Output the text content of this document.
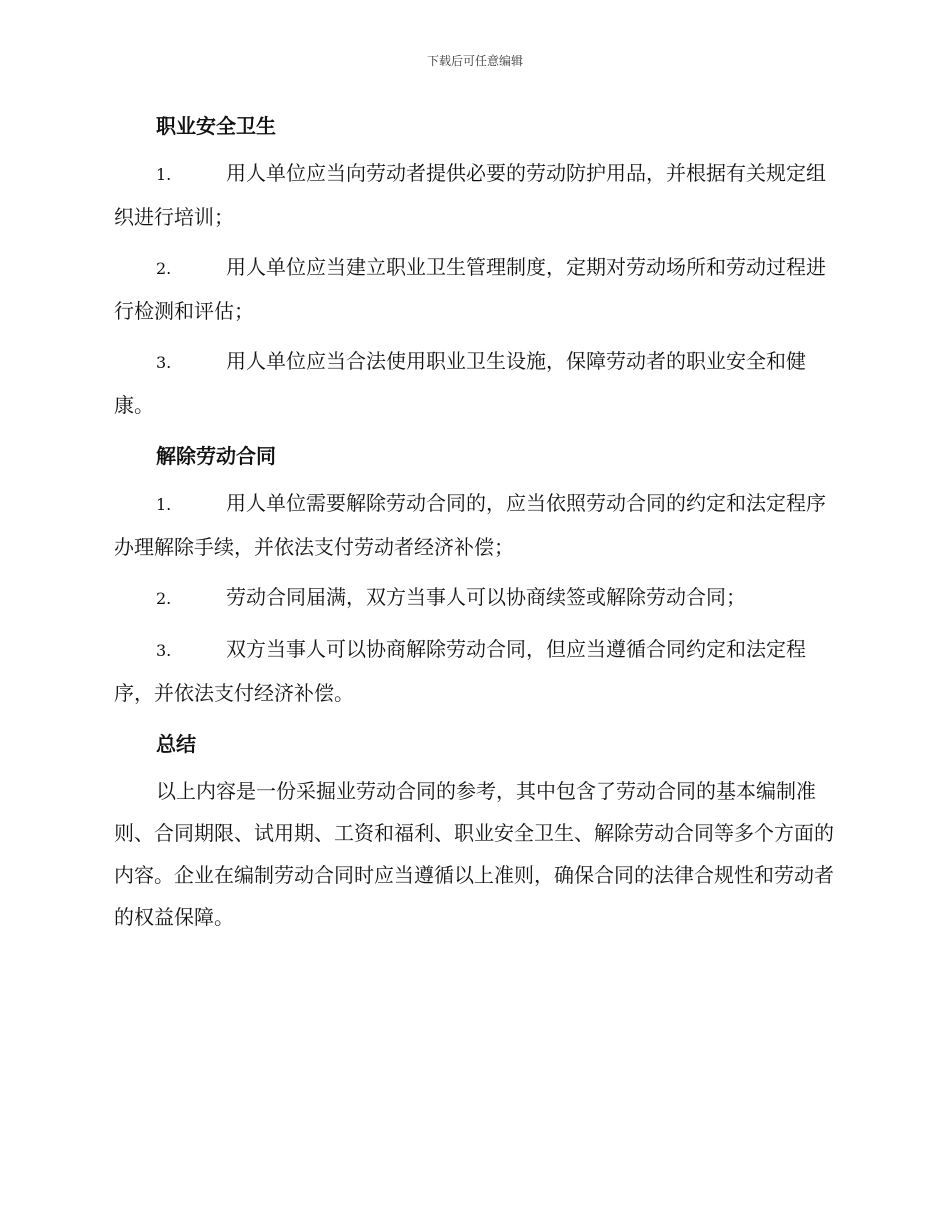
下载后可任意编辑
职业安全卫生
1.	用人单位应当向劳动者提供必要的劳动防护用品，并根据有关规定组织进行培训；
2.	用人单位应当建立职业卫生管理制度，定期对劳动场所和劳动过程进行检测和评估；
3.	用人单位应当合法使用职业卫生设施，保障劳动者的职业安全和健康。
解除劳动合同
1.	用人单位需要解除劳动合同的，应当依照劳动合同的约定和法定程序办理解除手续，并依法支付劳动者经济补偿；
2.	劳动合同届满，双方当事人可以协商续签或解除劳动合同；
3.	双方当事人可以协商解除劳动合同，但应当遵循合同约定和法定程序，并依法支付经济补偿。
总结
以上内容是一份采掘业劳动合同的参考，其中包含了劳动合同的基本编制准则、合同期限、试用期、工资和福利、职业安全卫生、解除劳动合同等多个方面的内容。企业在编制劳动合同时应当遵循以上准则，确保合同的法律合规性和劳动者的权益保障。
